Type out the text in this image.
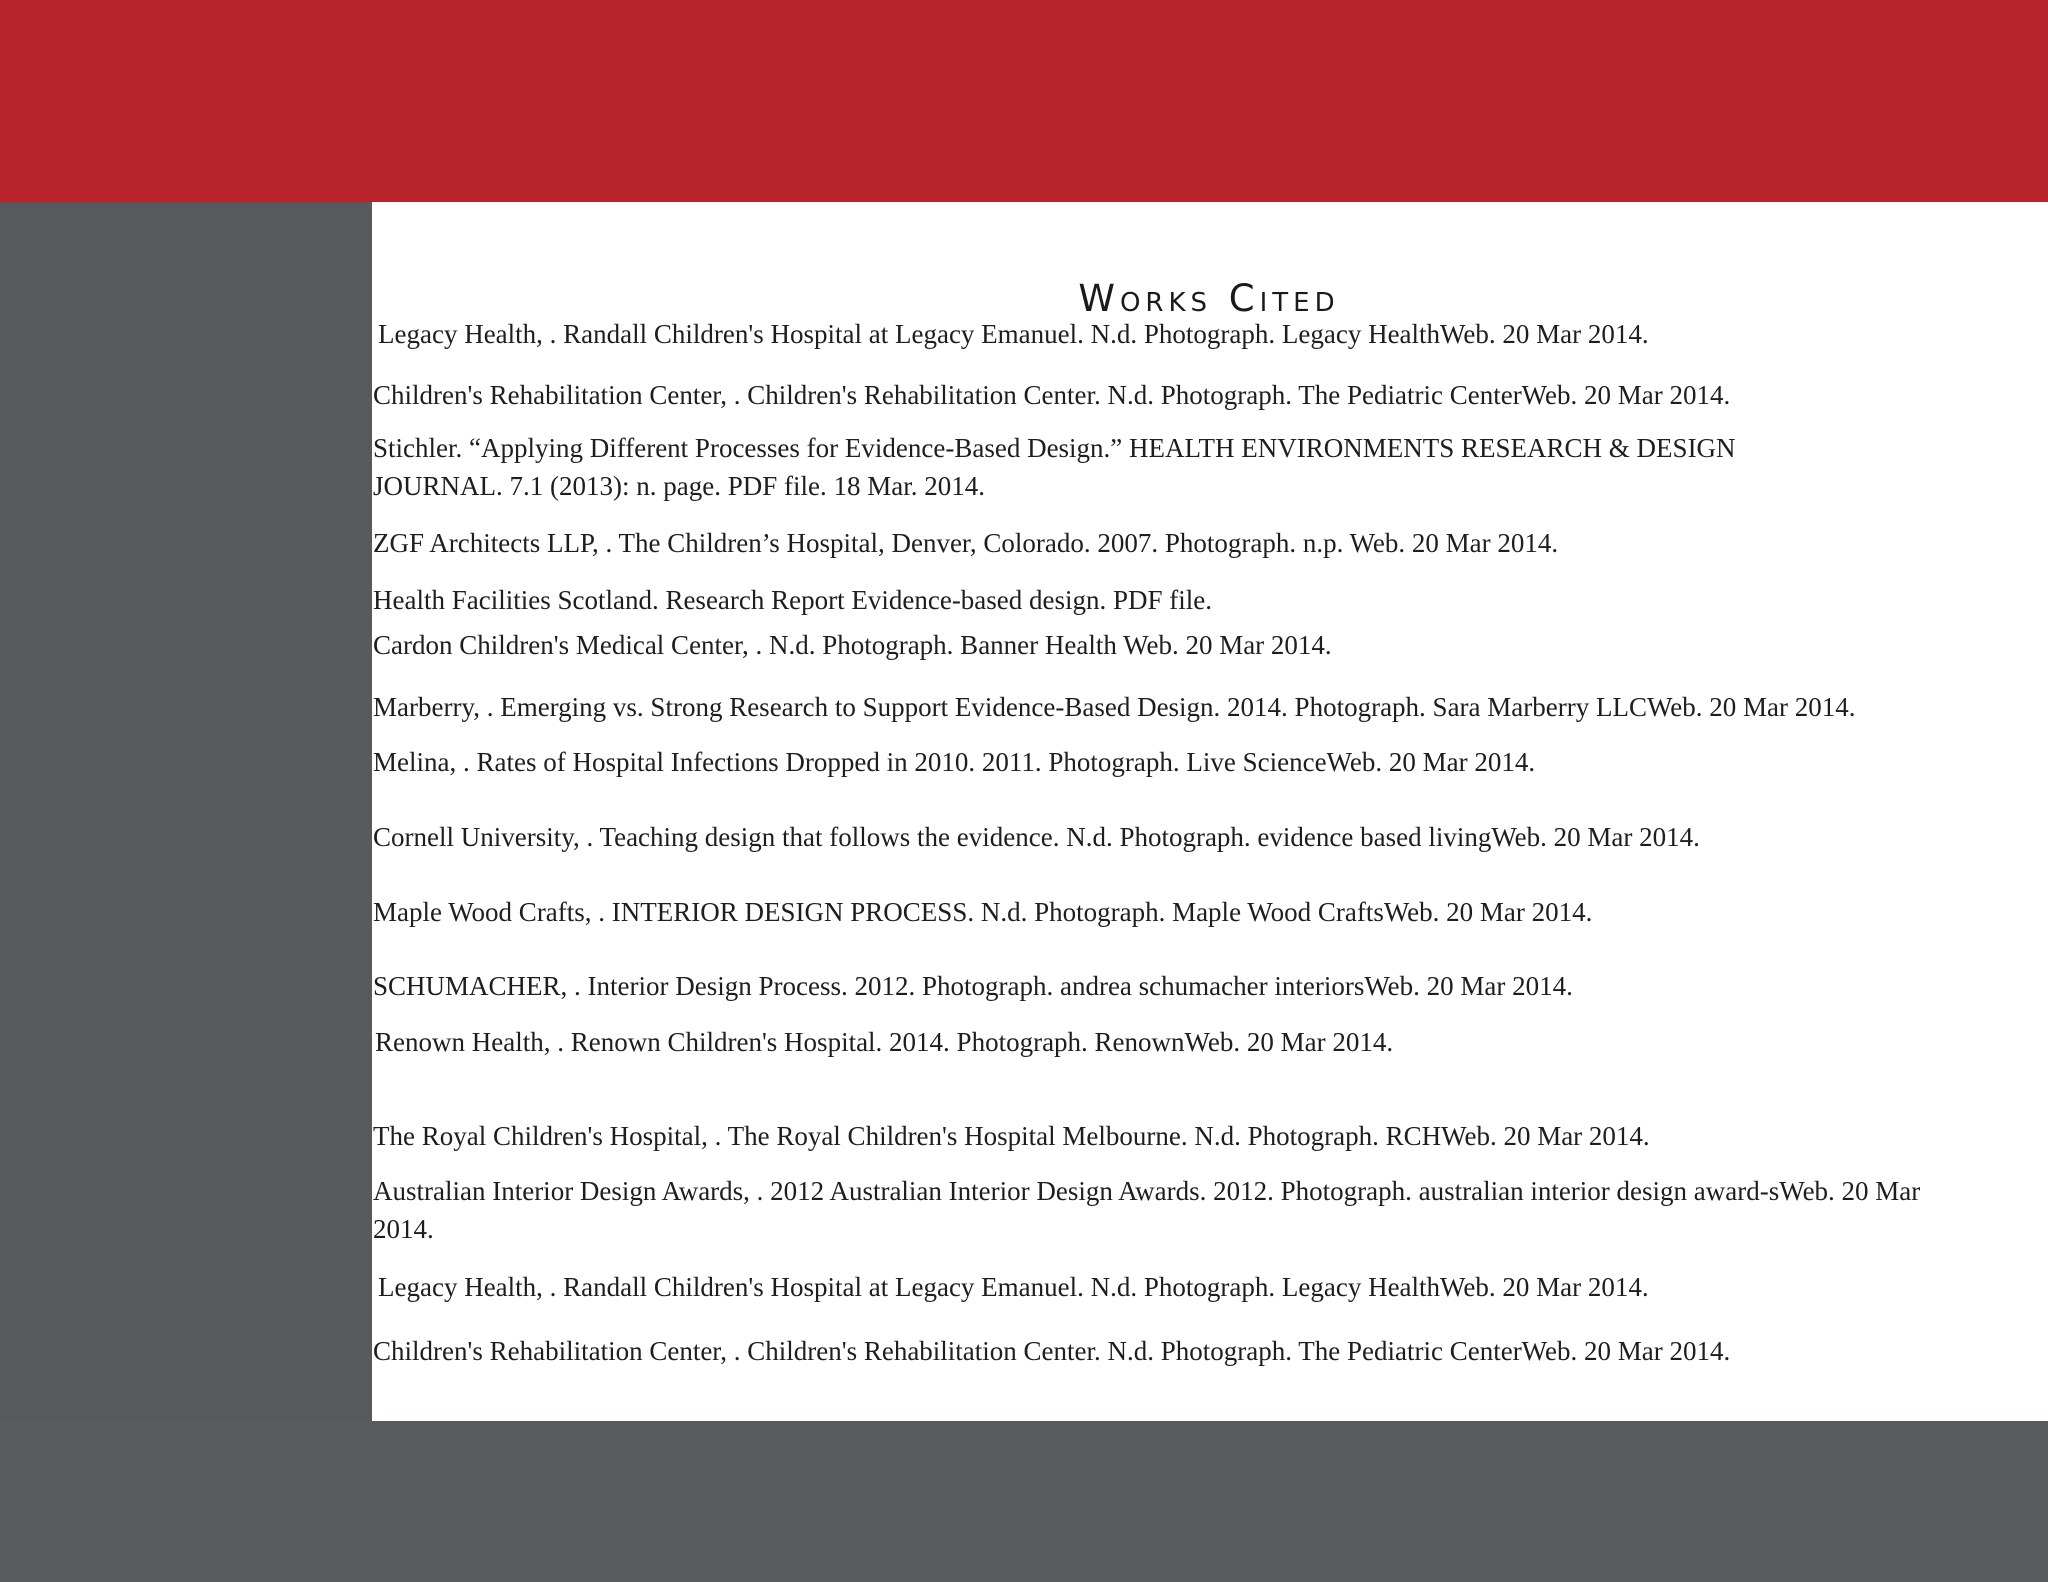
Works Cited

Legacy Health, . Randall Children's Hospital at Legacy Emanuel. N.d. Photograph. Legacy HealthWeb. 20 Mar 2014.

Children's Rehabilitation Center, . Children's Rehabilitation Center. N.d. Photograph. The Pediatric CenterWeb. 20 Mar 2014.

Stichler. “Applying Different Processes for Evidence-Based Design.” HEALTH ENVIRONMENTS RESEARCH & DESIGN JOURNAL. 7.1 (2013): n. page. PDF file. 18 Mar. 2014.

ZGF Architects LLP, . The Children’s Hospital, Denver, Colorado. 2007. Photograph. n.p. Web. 20 Mar 2014.

Health Facilities Scotland. Research Report Evidence-based design. PDF file.

Cardon Children's Medical Center, . N.d. Photograph. Banner Health Web. 20 Mar 2014.

Marberry, . Emerging vs. Strong Research to Support Evidence-Based Design. 2014. Photograph. Sara Marberry LLCWeb. 20 Mar 2014.

Melina, . Rates of Hospital Infections Dropped in 2010. 2011. Photograph. Live ScienceWeb. 20 Mar 2014.

Cornell University, . Teaching design that follows the evidence. N.d. Photograph. evidence based livingWeb. 20 Mar 2014.

Maple Wood Crafts, . INTERIOR DESIGN PROCESS. N.d. Photograph. Maple Wood CraftsWeb. 20 Mar 2014.

SCHUMACHER, . Interior Design Process. 2012. Photograph. andrea schumacher interiorsWeb. 20 Mar 2014.

Renown Health, . Renown Children's Hospital. 2014. Photograph. RenownWeb. 20 Mar 2014.

The Royal Children's Hospital, . The Royal Children's Hospital Melbourne. N.d. Photograph. RCHWeb. 20 Mar 2014.

Australian Interior Design Awards, . 2012 Australian Interior Design Awards. 2012. Photograph. australian interior design award-sWeb. 20 Mar 2014.

Legacy Health, . Randall Children's Hospital at Legacy Emanuel. N.d. Photograph. Legacy HealthWeb. 20 Mar 2014.

Children's Rehabilitation Center, . Children's Rehabilitation Center. N.d. Photograph. The Pediatric CenterWeb. 20 Mar 2014.
